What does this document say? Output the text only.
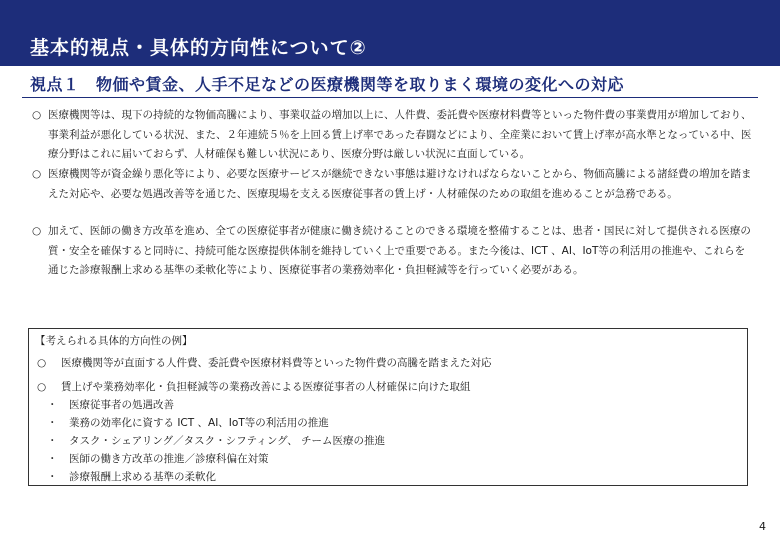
基本的視点・具体的方向性について②
視点１　物価や賃金、人手不足などの医療機関等を取りまく環境の変化への対応
○ 医療機関等は、現下の持続的な物価高騰により、事業収益の増加以上に、人件費、委託費や医療材料費等といった物件費の事業費用が増加しており、事業利益が悪化している状況、また、２年連続５％を上回る賃上げ率であった春闘などにより、全産業において賃上げ率が高水準となっている中、医療分野はこれに届いておらず、人材確保も難しい状況にあり、医療分野は厳しい状況に直面している。
○ 医療機関等が資金繰り悪化等により、必要な医療サービスが継続できない事態は避けなければならないことから、物価高騰による諸経費の増加を踏まえた対応や、必要な処遇改善等を通じた、医療現場を支える医療従事者の賃上げ・人材確保のための取組を進めることが急務である。
○ 加えて、医師の働き方改革を進め、全ての医療従事者が健康に働き続けることのできる環境を整備することは、患者・国民に対して提供される医療の質・安全を確保すると同時に、持続可能な医療提供体制を維持していく上で重要である。また今後は、ICT 、AI、IoT等の利活用の推進や、これらを通じた診療報酬上求める基準の柔軟化等により、医療従事者の業務効率化・負担軽減等を行っていく必要がある。
【考えられる具体的方向性の例】
○ 医療機関等が直面する人件費、委託費や医療材料費等といった物件費の高騰を踏まえた対応
○ 賃上げや業務効率化・負担軽減等の業務改善による医療従事者の人材確保に向けた取組
・ 医療従事者の処遇改善
・ 業務の効率化に資する ICT 、AI、IoT等の利活用の推進
・ タスク・シェアリング／タスク・シフティング、 チーム医療の推進
・ 医師の働き方改革の推進／診療科偏在対策
・ 診療報酬上求める基準の柔軟化
4
